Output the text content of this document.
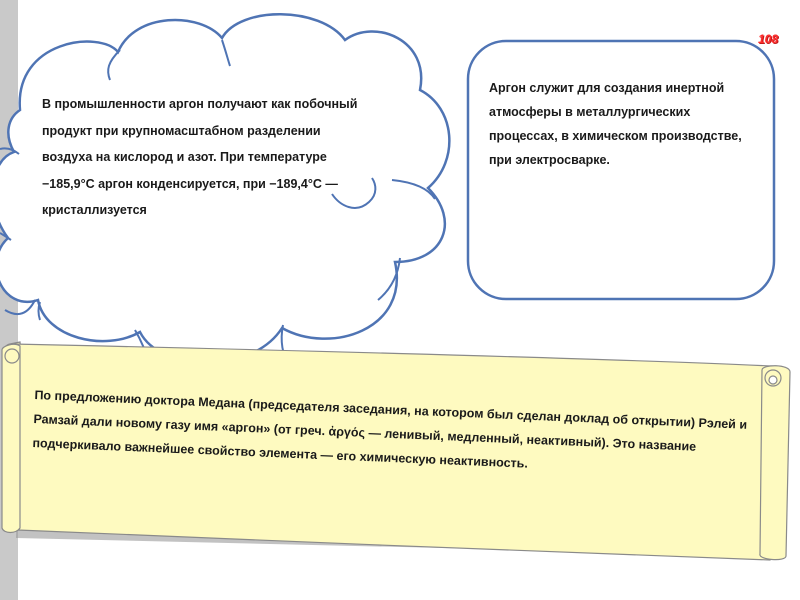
В промышленности аргон получают как побочный продукт при крупномасштабном разделении воздуха на кислород и азот. При температуре −185,9°C аргон конденсируется, при −189,4°C — кристаллизуется
Аргон служит для создания инертной атмосферы в металлургических процессах, в химическом производстве, при электросварке.
По предложению доктора Медана (председателя заседания, на котором был сделан доклад об открытии) Рэлей и Рамзай дали новому газу имя «аргон» (от греч. ἀργός — ленивый, медленный, неактивный). Это название подчеркивало важнейшее свойство элемента — его химическую неактивность.
108
